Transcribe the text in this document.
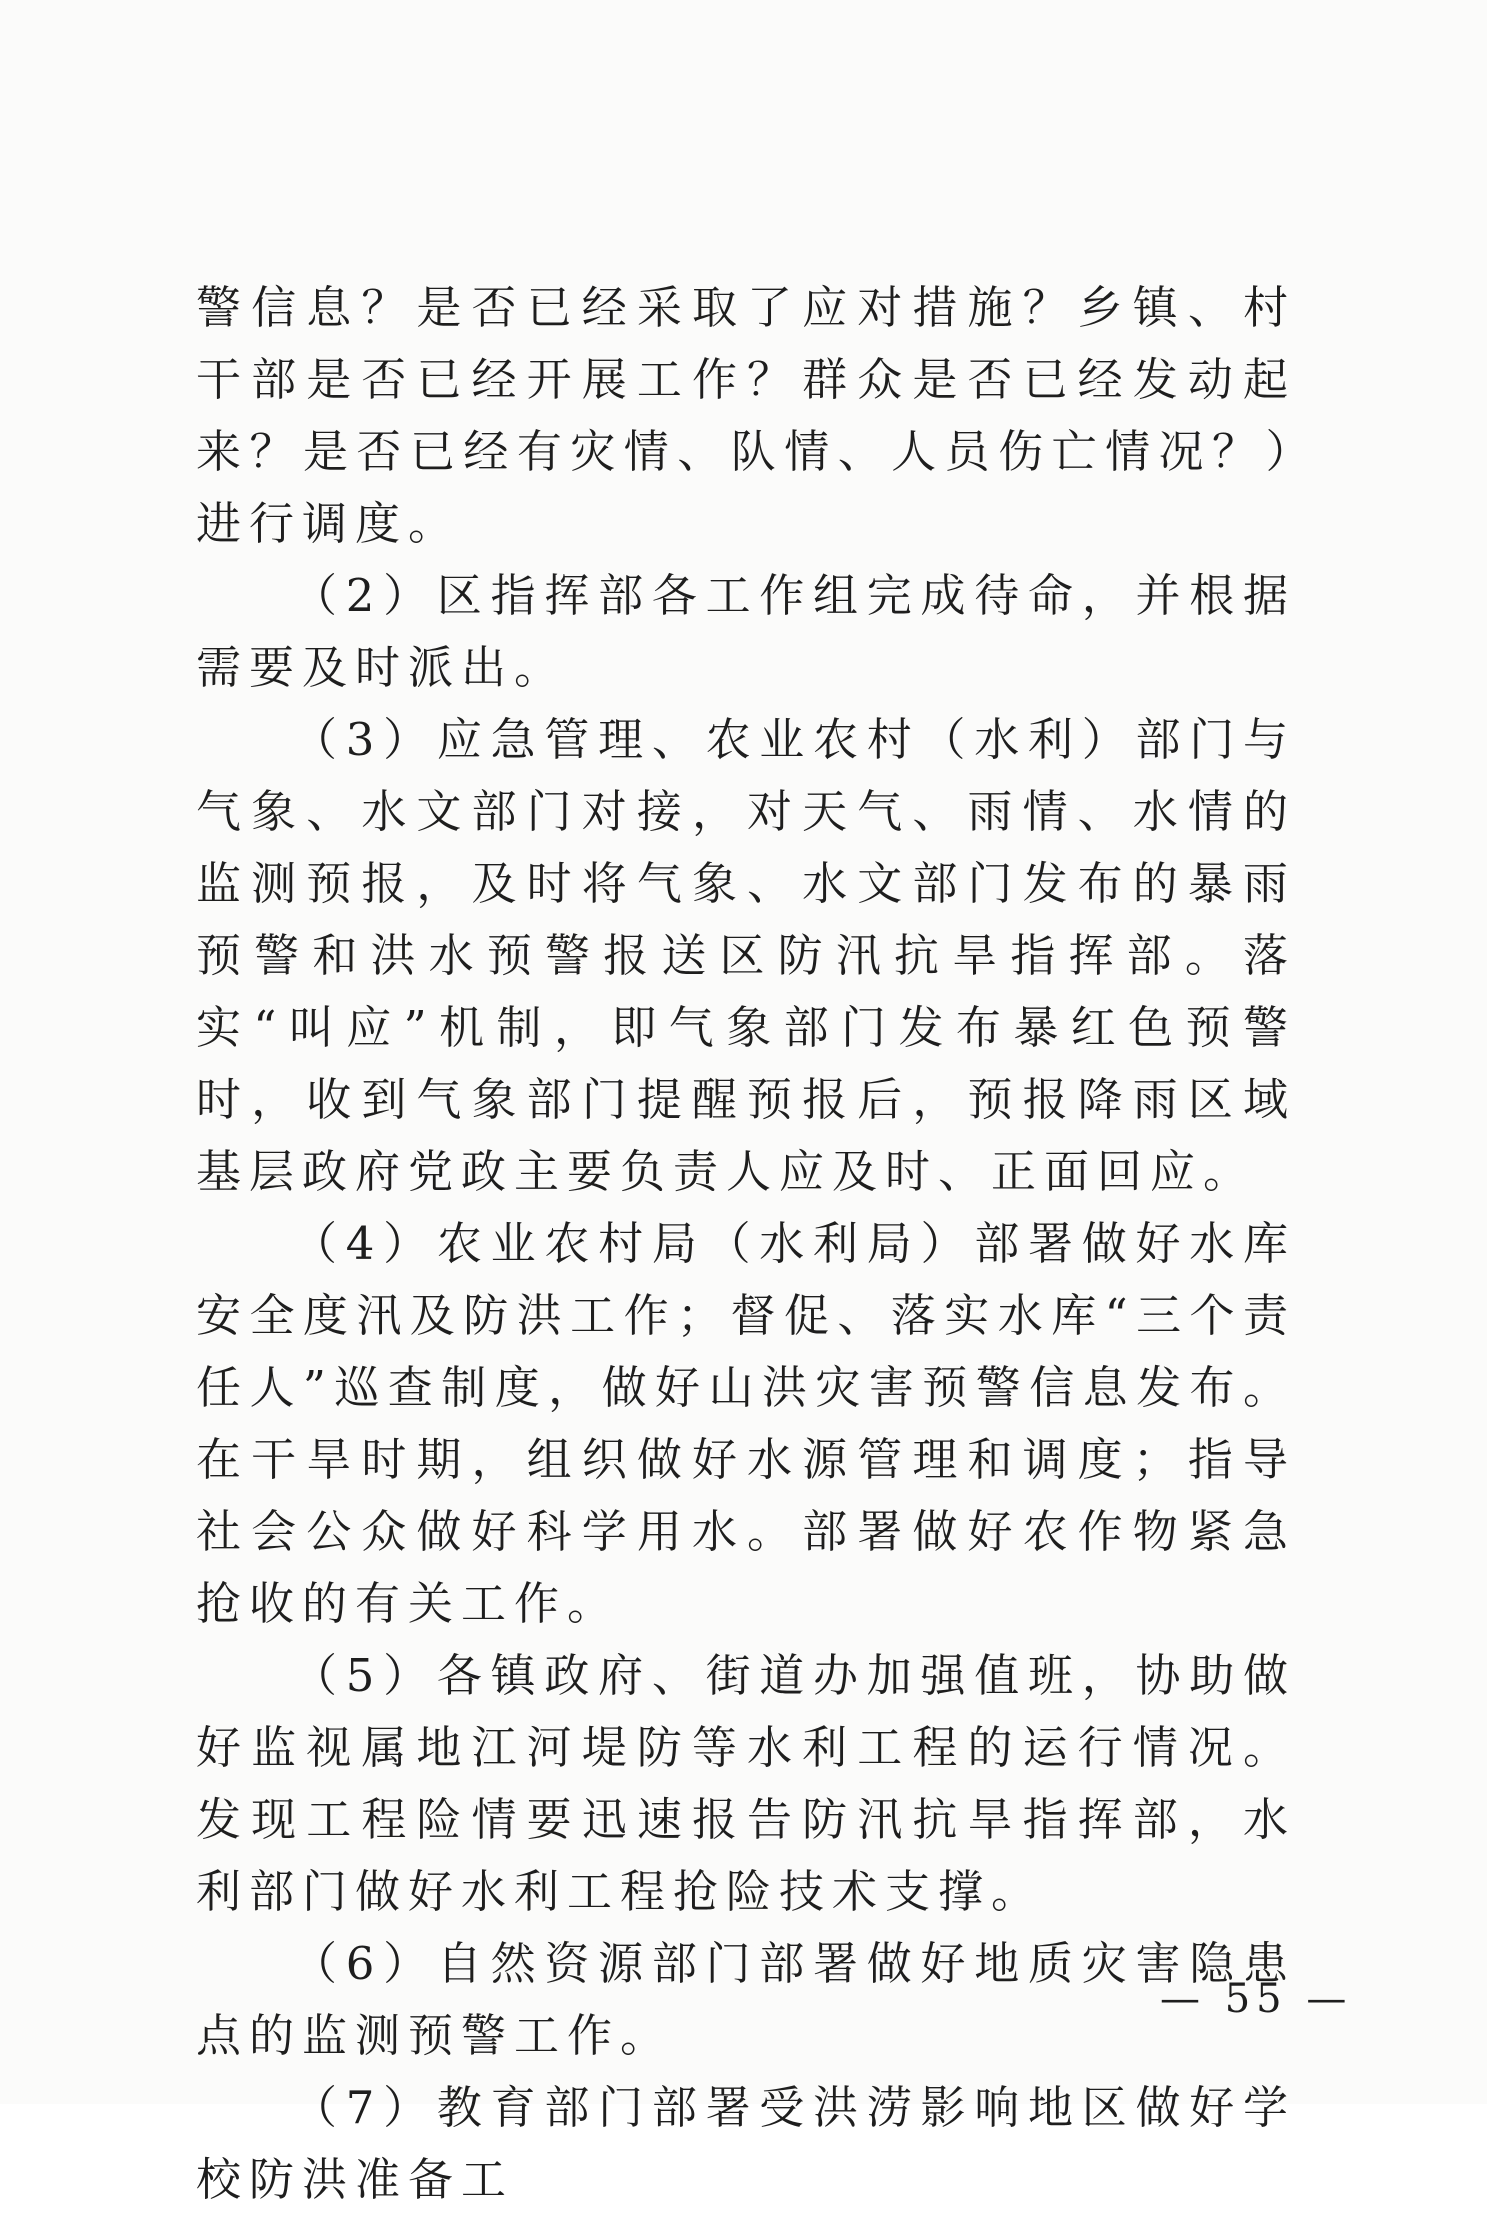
警信息？是否已经采取了应对措施？乡镇、村干部是否已经开展工作？群众是否已经发动起来？是否已经有灾情、队情、人员伤亡情况？）进行调度。

（2）区指挥部各工作组完成待命，并根据需要及时派出。

（3）应急管理、农业农村（水利）部门与气象、水文部门对接，对天气、雨情、水情的监测预报，及时将气象、水文部门发布的暴雨预警和洪水预警报送区防汛抗旱指挥部。落实“叫应”机制，即气象部门发布暴红色预警时，收到气象部门提醒预报后，预报降雨区域基层政府党政主要负责人应及时、正面回应。

（4）农业农村局（水利局）部署做好水库安全度汛及防洪工作；督促、落实水库“三个责任人”巡查制度，做好山洪灾害预警信息发布。在干旱时期，组织做好水源管理和调度；指导社会公众做好科学用水。部署做好农作物紧急抢收的有关工作。

（5）各镇政府、街道办加强值班，协助做好监视属地江河堤防等水利工程的运行情况。发现工程险情要迅速报告防汛抗旱指挥部，水利部门做好水利工程抢险技术支撑。

（6）自然资源部门部署做好地质灾害隐患点的监测预警工作。

（7）教育部门部署受洪涝影响地区做好学校防洪准备工

— 55 —
